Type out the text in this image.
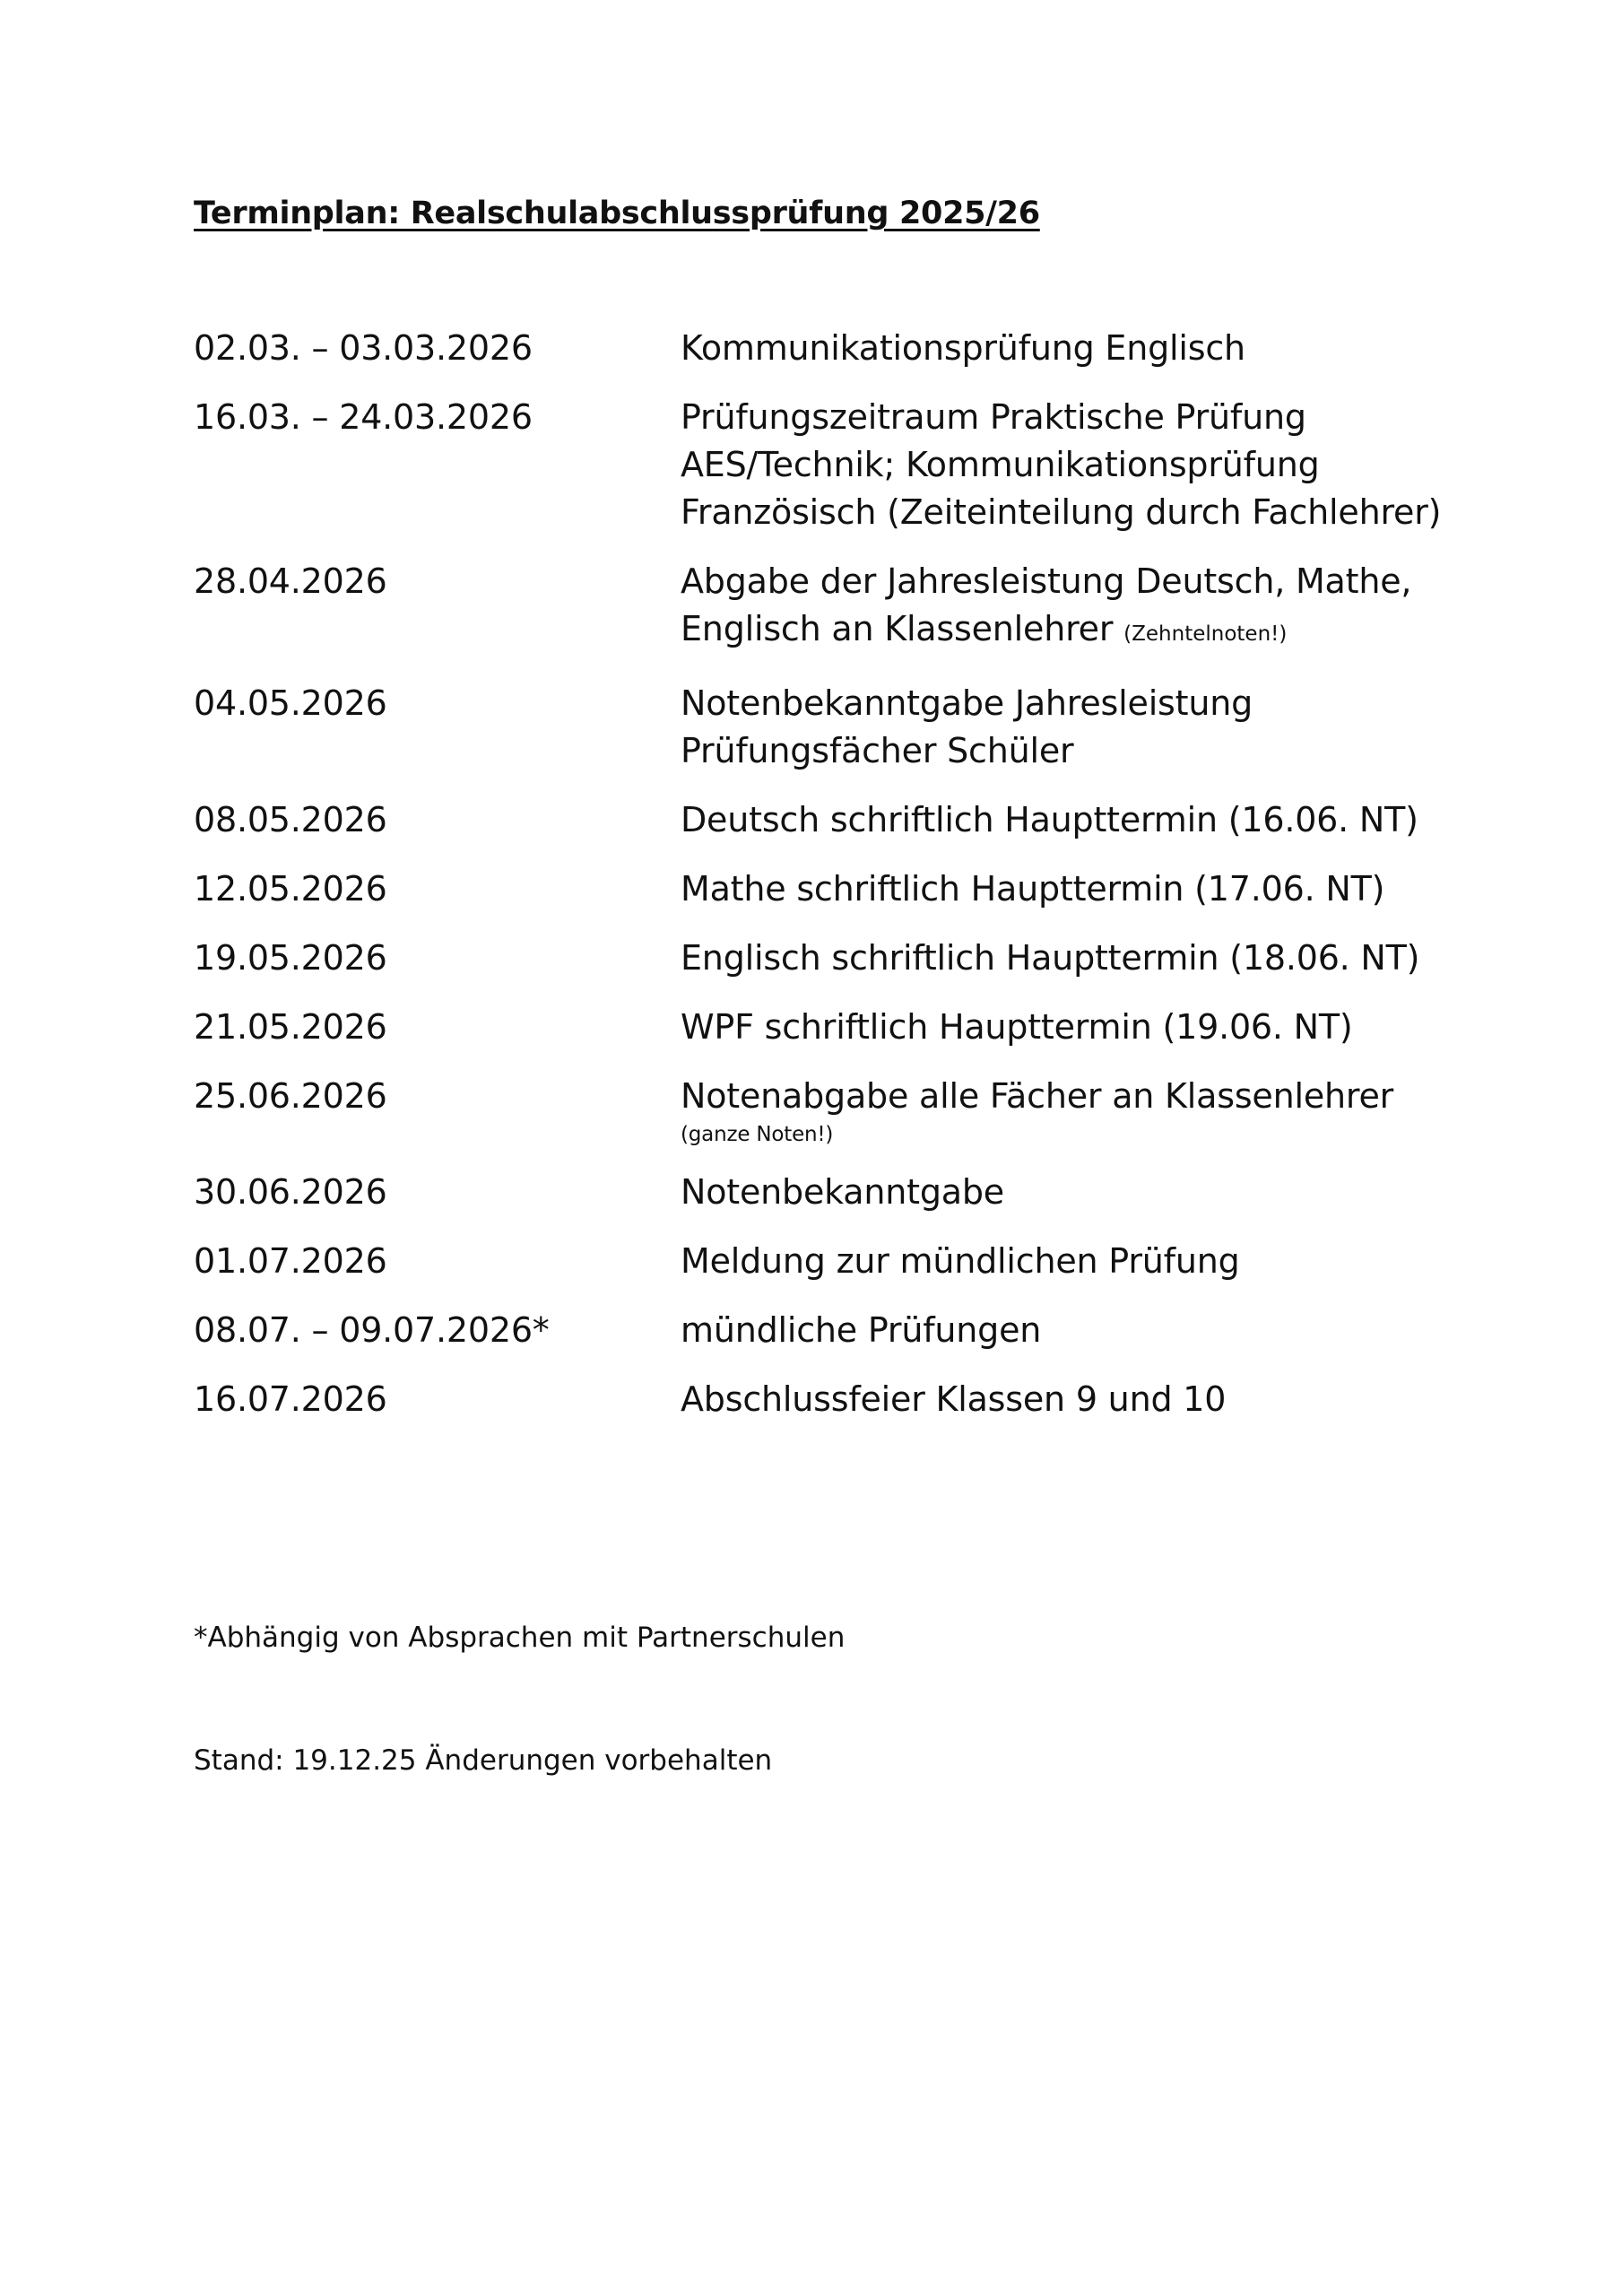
Terminplan: Realschulabschlussprüfung 2025/26
02.03. – 03.03.2026	Kommunikationsprüfung Englisch
16.03. – 24.03.2026	Prüfungszeitraum Praktische Prüfung AES/Technik; Kommunikationsprüfung Französisch (Zeiteinteilung durch Fachlehrer)
28.04.2026	Abgabe der Jahresleistung Deutsch, Mathe, Englisch an Klassenlehrer (Zehntelnoten!)
04.05.2026	Notenbekanntgabe Jahresleistung Prüfungsfächer Schüler
08.05.2026	Deutsch schriftlich Haupttermin (16.06. NT)
12.05.2026	Mathe schriftlich Haupttermin (17.06. NT)
19.05.2026	Englisch schriftlich Haupttermin (18.06. NT)
21.05.2026	WPF schriftlich Haupttermin (19.06. NT)
25.06.2026	Notenabgabe alle Fächer an Klassenlehrer
(ganze Noten!)
30.06.2026	Notenbekanntgabe
01.07.2026	Meldung zur mündlichen Prüfung
08.07. – 09.07.2026*	mündliche Prüfungen
16.07.2026	Abschlussfeier Klassen 9 und 10
*Abhängig von Absprachen mit Partnerschulen
Stand: 19.12.25 Änderungen vorbehalten
